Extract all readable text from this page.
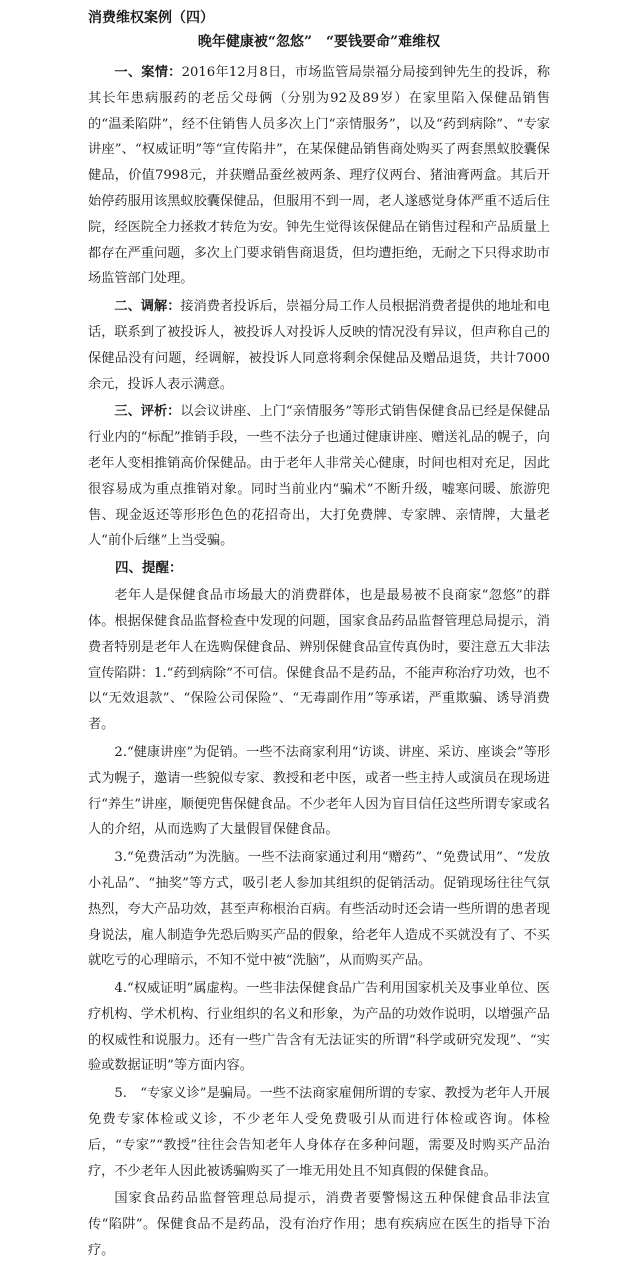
消费维权案例（四）
晚年健康被“忽悠”　“要钱要命”难维权
一、案情：2016年12月8日，市场监管局崇福分局接到钟先生的投诉，称其长年患病服药的老岳父母俩（分别为92及89岁）在家里陷入保健品销售的“温柔陷阱”，经不住销售人员多次上门“亲情服务”，以及“药到病除”、“专家讲座”、“权威证明”等“宣传陷井”，在某保健品销售商处购买了两套黑蚁胶囊保健品，价值7998元，并获赠品蚕丝被两条、理疗仪两台、猪油膏两盒。其后开始停药服用该黑蚁胶囊保健品，但服用不到一周，老人遂感觉身体严重不适后住院，经医院全力拯救才转危为安。钟先生觉得该保健品在销售过程和产品质量上都存在严重问题，多次上门要求销售商退货，但均遭拒绝，无耐之下只得求助市场监管部门处理。
二、调解：接消费者投诉后，崇福分局工作人员根据消费者提供的地址和电话，联系到了被投诉人，被投诉人对投诉人反映的情况没有异议，但声称自己的保健品没有问题，经调解，被投诉人同意将剩余保健品及赠品退货，共计7000余元，投诉人表示满意。
三、评析：以会议讲座、上门“亲情服务”等形式销售保健食品已经是保健品行业内的“标配”推销手段，一些不法分子也通过健康讲座、赠送礼品的幌子，向老年人变相推销高价保健品。由于老年人非常关心健康，时间也相对充足，因此很容易成为重点推销对象。同时当前业内“骗术”不断升级，嘘寒问暖、旅游兜售、现金返还等形形色色的花招奇出，大打免费牌、专家牌、亲情牌，大量老人“前仆后继”上当受骗。
四、提醒：
老年人是保健食品市场最大的消费群体，也是最易被不良商家“忽悠”的群体。根据保健食品监督检查中发现的问题，国家食品药品监督管理总局提示，消费者特别是老年人在选购保健食品、辨别保健食品宣传真伪时，要注意五大非法宣传陷阱：1.“药到病除”不可信。保健食品不是药品，不能声称治疗功效，也不以“无效退款”、“保险公司保险”、“无毒副作用”等承诺，严重欺骗、诱导消费者。
2.“健康讲座”为促销。一些不法商家利用“访谈、讲座、采访、座谈会”等形式为幌子，邀请一些貌似专家、教授和老中医，或者一些主持人或演员在现场进行“养生”讲座，顺便兜售保健食品。不少老年人因为盲目信任这些所谓专家或名人的介绍，从而选购了大量假冒保健食品。
3.“免费活动”为洗脑。一些不法商家通过利用“赠药”、“免费试用”、“发放小礼品”、“抽奖”等方式，吸引老人参加其组织的促销活动。促销现场往往气氛热烈，夸大产品功效，甚至声称根治百病。有些活动时还会请一些所谓的患者现身说法，雇人制造争先恐后购买产品的假象，给老年人造成不买就没有了、不买就吃亏的心理暗示，不知不觉中被“洗脑”，从而购买产品。
4.“权威证明”属虚构。一些非法保健食品广告利用国家机关及事业单位、医疗机构、学术机构、行业组织的名义和形象，为产品的功效作说明，以增强产品的权威性和说服力。还有一些广告含有无法证实的所谓“科学或研究发现”、“实验或数据证明”等方面内容。
5.　“专家义诊”是骗局。一些不法商家雇佣所谓的专家、教授为老年人开展免费专家体检或义诊，不少老年人受免费吸引从而进行体检或咨询。体检后，“专家”“教授”往往会告知老年人身体存在多种问题，需要及时购买产品治疗，不少老年人因此被诱骗购买了一堆无用处且不知真假的保健食品。
国家食品药品监督管理总局提示，消费者要警惕这五种保健食品非法宣传“陷阱”。保健食品不是药品，没有治疗作用；患有疾病应在医生的指导下治疗。
